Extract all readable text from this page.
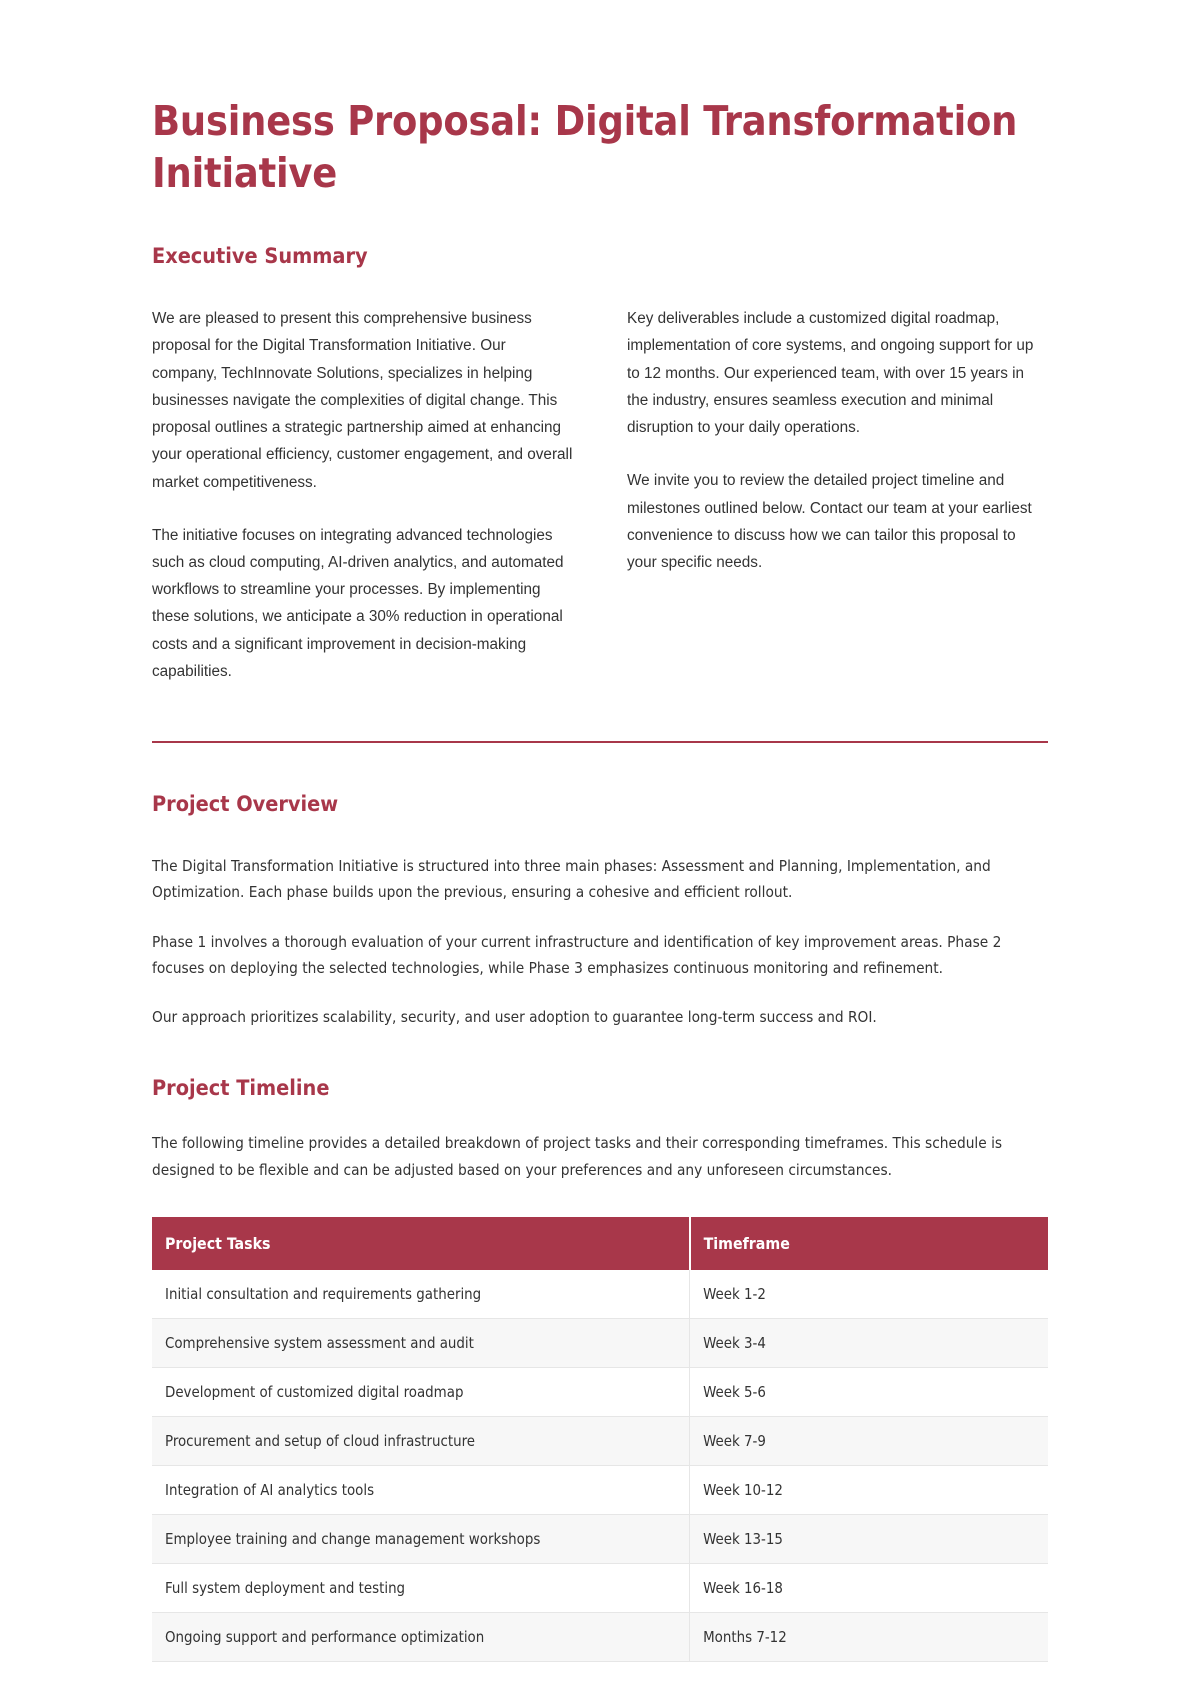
Business Proposal: Digital Transformation Initiative
Executive Summary

We are pleased to present this comprehensive business proposal for the Digital Transformation Initiative. Our company, TechInnovate Solutions, specializes in helping businesses navigate the complexities of digital change. This proposal outlines a strategic partnership aimed at enhancing your operational efficiency, customer engagement, and overall market competitiveness.

The initiative focuses on integrating advanced technologies such as cloud computing, AI-driven analytics, and automated workflows to streamline your processes. By implementing these solutions, we anticipate a 30% reduction in operational costs and a significant improvement in decision-making capabilities.

Key deliverables include a customized digital roadmap, implementation of core systems, and ongoing support for up to 12 months. Our experienced team, with over 15 years in the industry, ensures seamless execution and minimal disruption to your daily operations.

We invite you to review the detailed project timeline and milestones outlined below. Contact our team at your earliest convenience to discuss how we can tailor this proposal to your specific needs.

Project Overview

The Digital Transformation Initiative is structured into three main phases: Assessment and Planning, Implementation, and Optimization. Each phase builds upon the previous, ensuring a cohesive and efficient rollout.

Phase 1 involves a thorough evaluation of your current infrastructure and identification of key improvement areas. Phase 2 focuses on deploying the selected technologies, while Phase 3 emphasizes continuous monitoring and refinement.

Our approach prioritizes scalability, security, and user adoption to guarantee long-term success and ROI.

Project Timeline

The following timeline provides a detailed breakdown of project tasks and their corresponding timeframes. This schedule is designed to be flexible and can be adjusted based on your preferences and any unforeseen circumstances.

Project Tasks	Timeframe
Initial consultation and requirements gathering	Week 1-2
Comprehensive system assessment and audit	Week 3-4
Development of customized digital roadmap	Week 5-6
Procurement and setup of cloud infrastructure	Week 7-9
Integration of AI analytics tools	Week 10-12
Employee training and change management workshops	Week 13-15
Full system deployment and testing	Week 16-18
Ongoing support and performance optimization	Months 7-12
